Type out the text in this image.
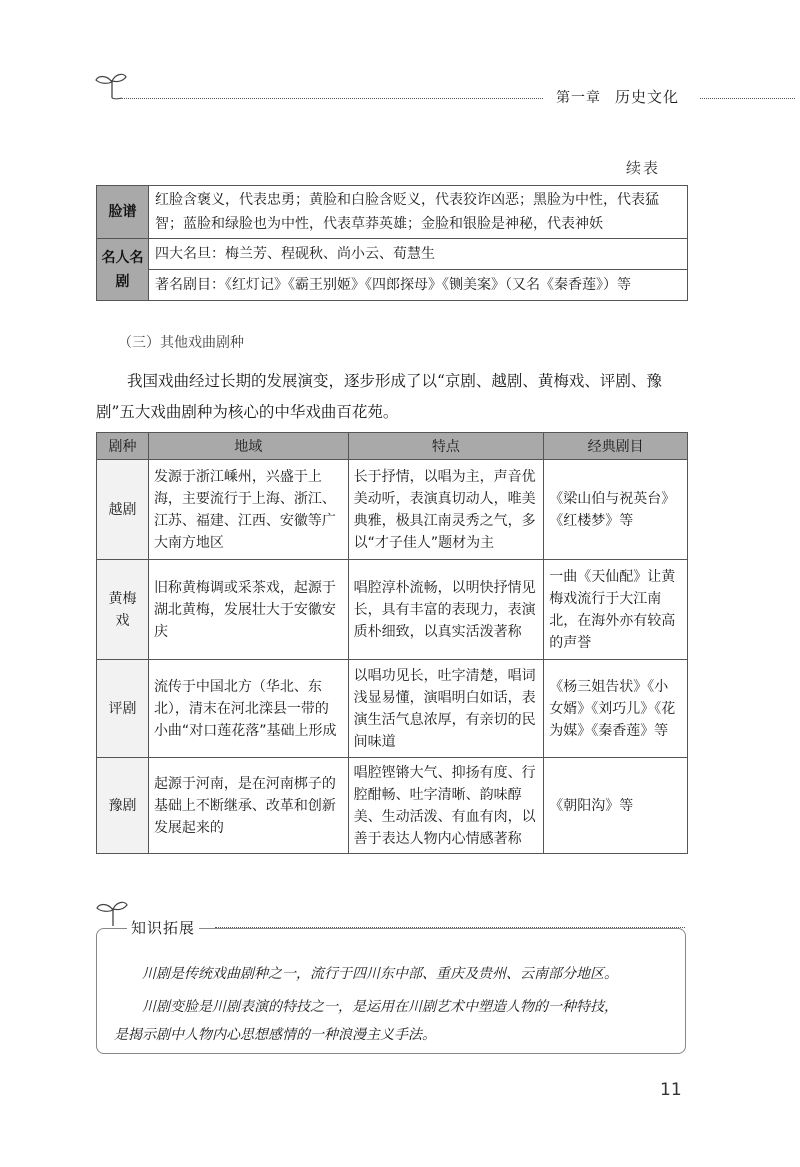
第一章 历史文化
续表
脸谱	红脸含褒义，代表忠勇；黄脸和白脸含贬义，代表狡诈凶恶；黑脸为中性，代表猛智；蓝脸和绿脸也为中性，代表草莽英雄；金脸和银脸是神秘，代表神妖
名人名剧	四大名旦：梅兰芳、程砚秋、尚小云、荀慧生
	著名剧目：《红灯记》《霸王别姬》《四郎探母》《铡美案》（又名《秦香莲》）等
（三）其他戏曲剧种
我国戏曲经过长期的发展演变，逐步形成了以“京剧、越剧、黄梅戏、评剧、豫剧”五大戏曲剧种为核心的中华戏曲百花苑。
剧种	地域	特点	经典剧目
越剧	发源于浙江嵊州，兴盛于上海，主要流行于上海、浙江、江苏、福建、江西、安徽等广大南方地区	长于抒情，以唱为主，声音优美动听，表演真切动人，唯美典雅，极具江南灵秀之气，多以“才子佳人”题材为主	《梁山伯与祝英台》《红楼梦》等
黄梅戏	旧称黄梅调或采茶戏，起源于湖北黄梅，发展壮大于安徽安庆	唱腔淳朴流畅，以明快抒情见长，具有丰富的表现力，表演质朴细致，以真实活泼著称	一曲《天仙配》让黄梅戏流行于大江南北，在海外亦有较高的声誉
评剧	流传于中国北方（华北、东北），清末在河北滦县一带的小曲“对口莲花落”基础上形成	以唱功见长，吐字清楚，唱词浅显易懂，演唱明白如话，表演生活气息浓厚，有亲切的民间味道	《杨三姐告状》《小女婿》《刘巧儿》《花为媒》《秦香莲》等
豫剧	起源于河南，是在河南梆子的基础上不断继承、改革和创新发展起来的	唱腔铿锵大气、抑扬有度、行腔酣畅、吐字清晰、韵味醇美、生动活泼、有血有肉，以善于表达人物内心情感著称	《朝阳沟》等
知识拓展
川剧是传统戏曲剧种之一，流行于四川东中部、重庆及贵州、云南部分地区。
川剧变脸是川剧表演的特技之一，是运用在川剧艺术中塑造人物的一种特技，
是揭示剧中人物内心思想感情的一种浪漫主义手法。
11
